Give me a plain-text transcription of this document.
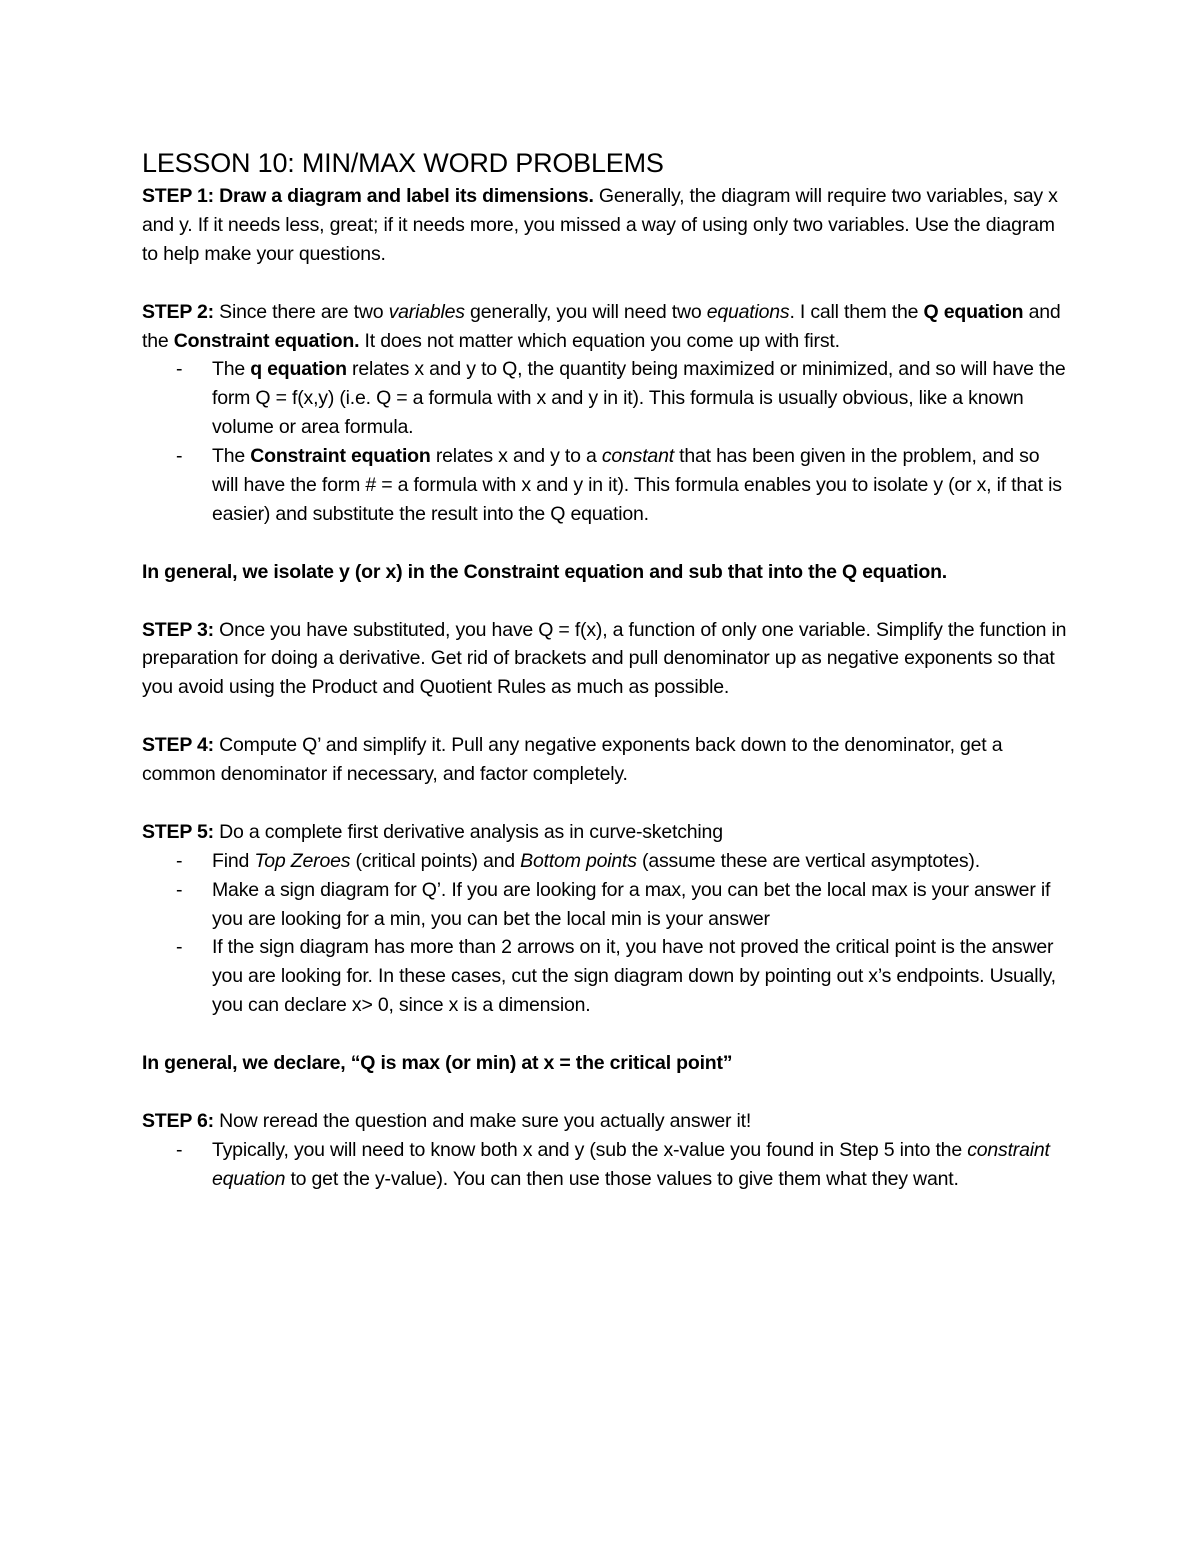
LESSON 10: MIN/MAX WORD PROBLEMS

STEP 1: Draw a diagram and label its dimensions. Generally, the diagram will require two variables, say x and y. If it needs less, great; if it needs more, you missed a way of using only two variables. Use the diagram to help make your questions.

STEP 2: Since there are two variables generally, you will need two equations. I call them the Q equation and the Constraint equation. It does not matter which equation you come up with first.

- The q equation relates x and y to Q, the quantity being maximized or minimized, and so will have the form Q = f(x,y) (i.e. Q = a formula with x and y in it). This formula is usually obvious, like a known volume or area formula.
- The Constraint equation relates x and y to a constant that has been given in the problem, and so will have the form # = a formula with x and y in it). This formula enables you to isolate y (or x, if that is easier) and substitute the result into the Q equation.

In general, we isolate y (or x) in the Constraint equation and sub that into the Q equation.

STEP 3: Once you have substituted, you have Q = f(x), a function of only one variable. Simplify the function in preparation for doing a derivative. Get rid of brackets and pull denominator up as negative exponents so that you avoid using the Product and Quotient Rules as much as possible.

STEP 4: Compute Q’ and simplify it. Pull any negative exponents back down to the denominator, get a common denominator if necessary, and factor completely.

STEP 5: Do a complete first derivative analysis as in curve-sketching

- Find Top Zeroes (critical points) and Bottom points (assume these are vertical asymptotes).
- Make a sign diagram for Q’. If you are looking for a max, you can bet the local max is your answer if you are looking for a min, you can bet the local min is your answer
- If the sign diagram has more than 2 arrows on it, you have not proved the critical point is the answer you are looking for. In these cases, cut the sign diagram down by pointing out x’s endpoints. Usually, you can declare x> 0, since x is a dimension.

In general, we declare, “Q is max (or min) at x = the critical point”

STEP 6: Now reread the question and make sure you actually answer it!

- Typically, you will need to know both x and y (sub the x-value you found in Step 5 into the constraint equation to get the y-value). You can then use those values to give them what they want.
